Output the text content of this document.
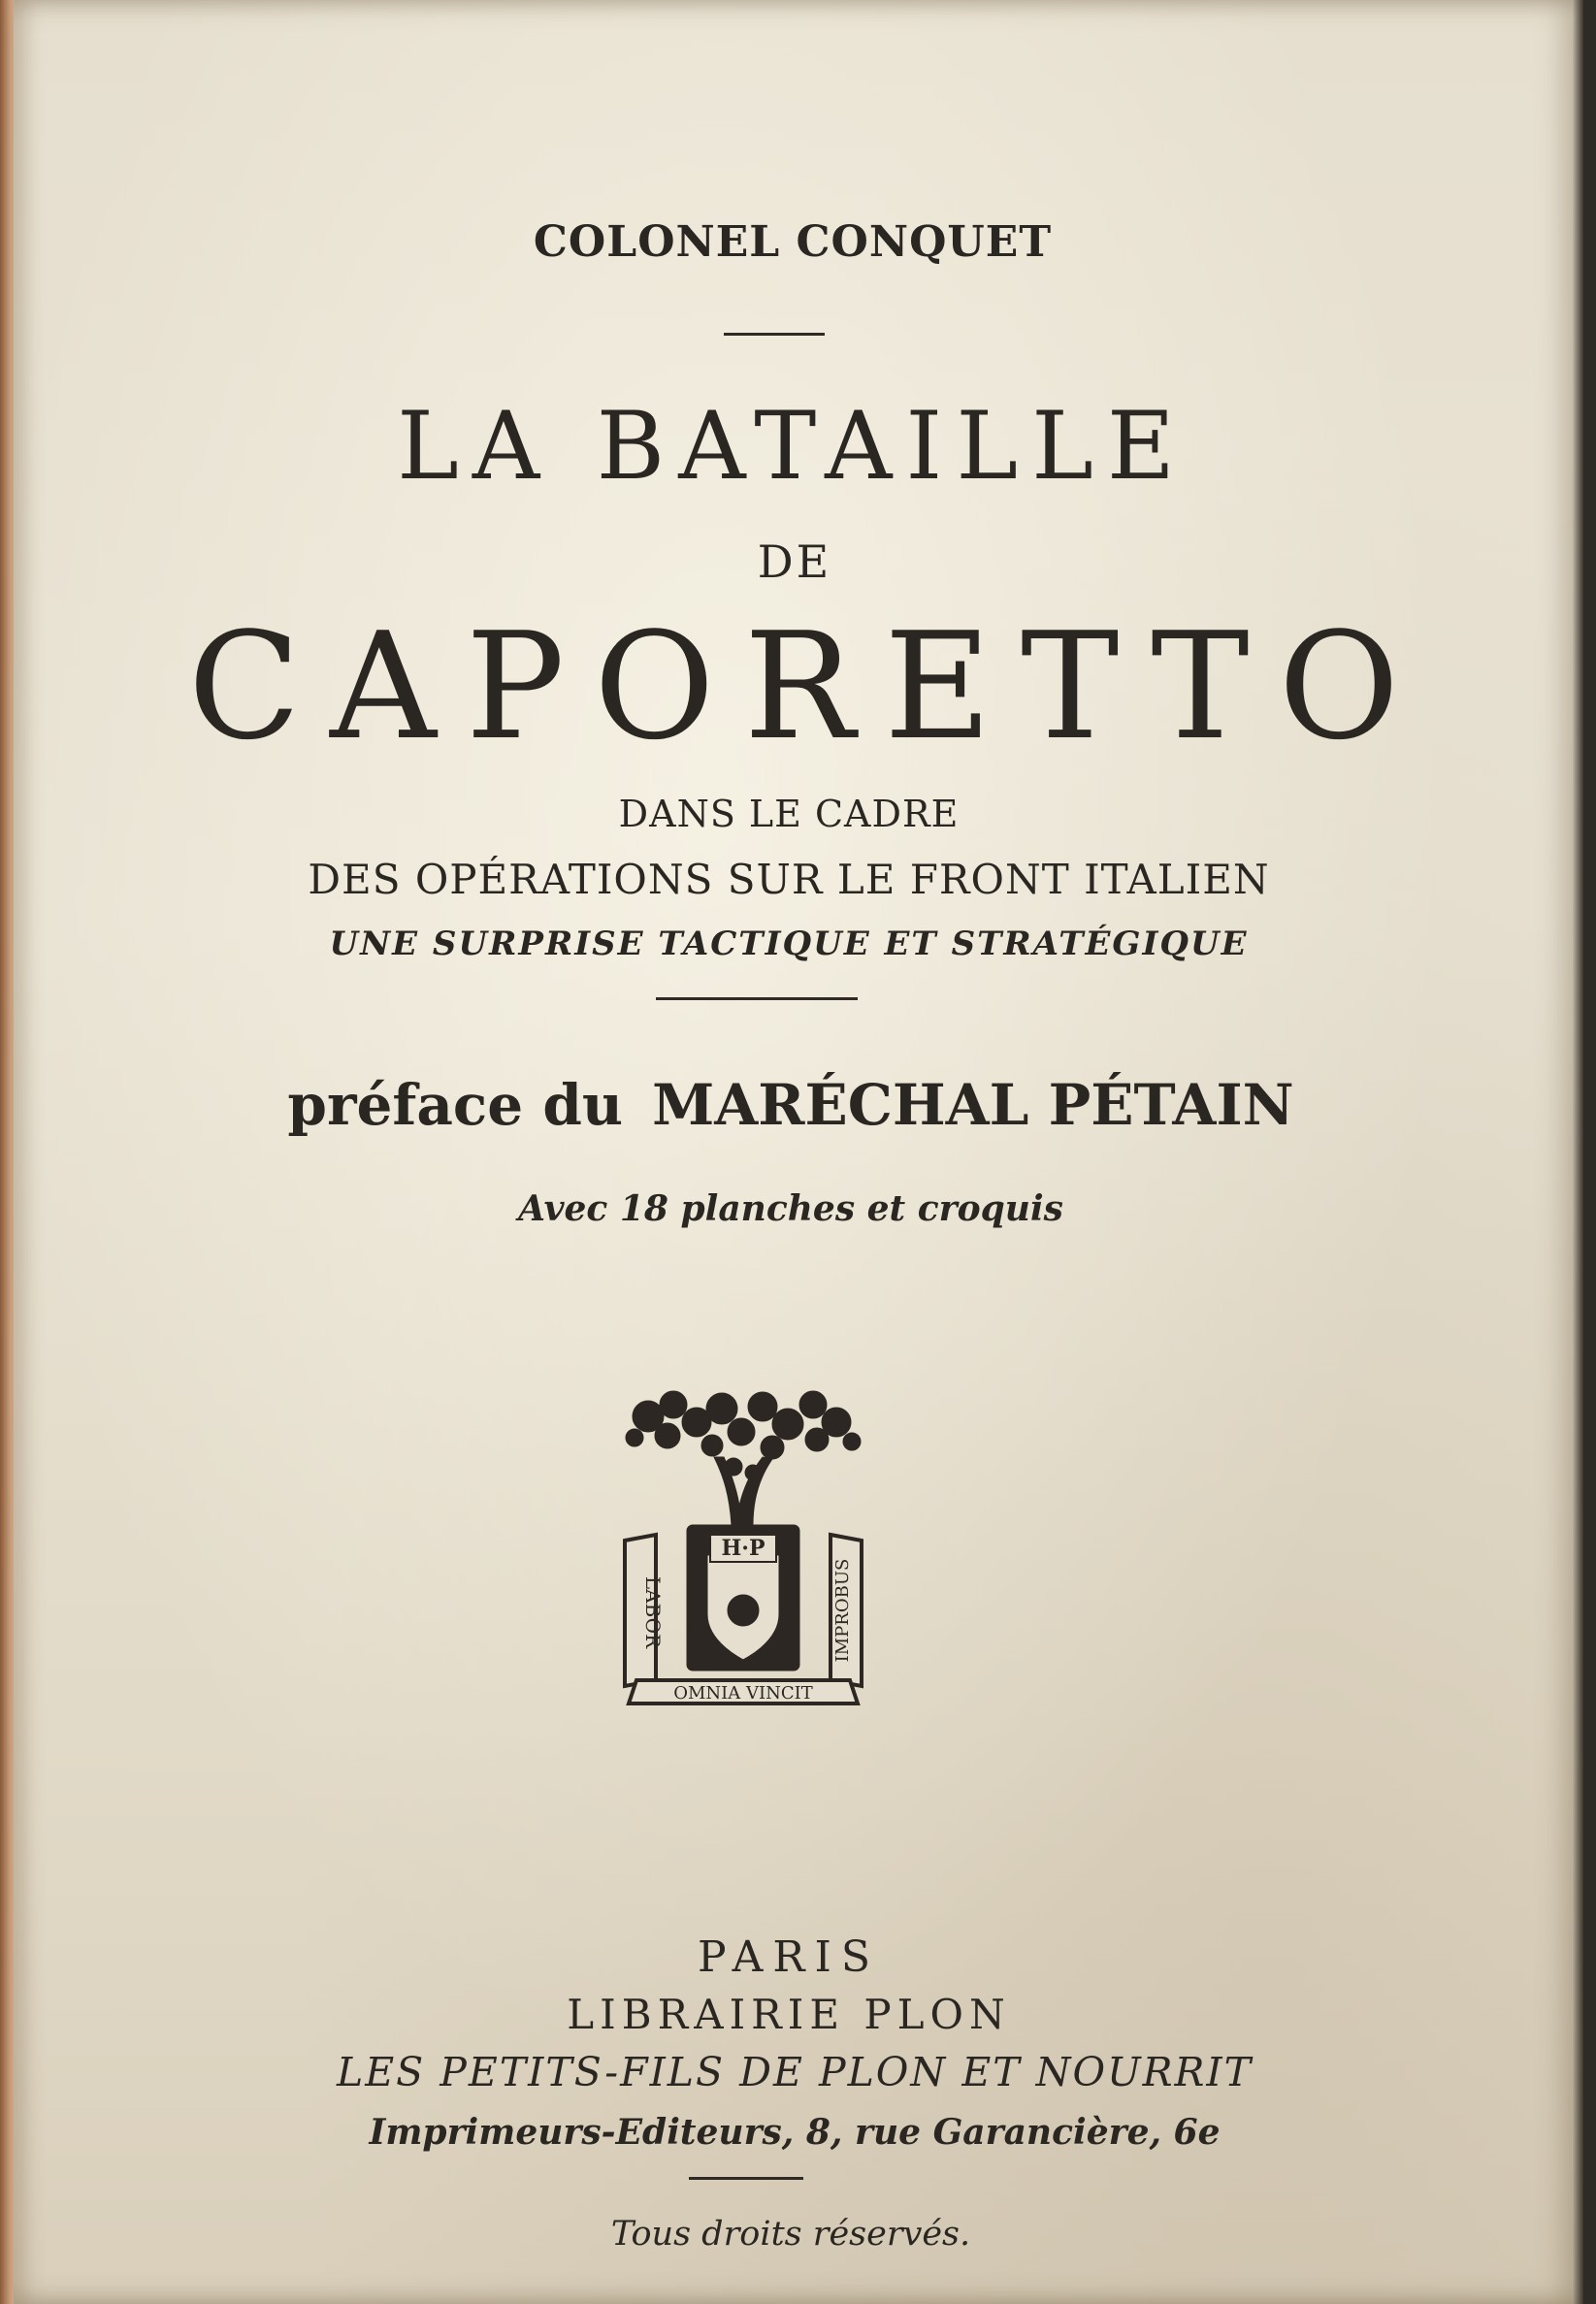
COLONEL CONQUET
LA BATAILLE
DE
CAPORETTO
DANS LE CADRE
DES OPÉRATIONS SUR LE FRONT ITALIEN
UNE SURPRISE TACTIQUE ET STRATÉGIQUE
préface du MARÉCHAL PÉTAIN
Avec 18 planches et croquis
H·P
LABOR	IMPROBUS
OMNIA VINCIT
PARIS
LIBRAIRIE PLON
LES PETITS-FILS DE PLON ET NOURRIT
Imprimeurs-Editeurs, 8, rue Garancière, 6e
Tous droits réservés.
